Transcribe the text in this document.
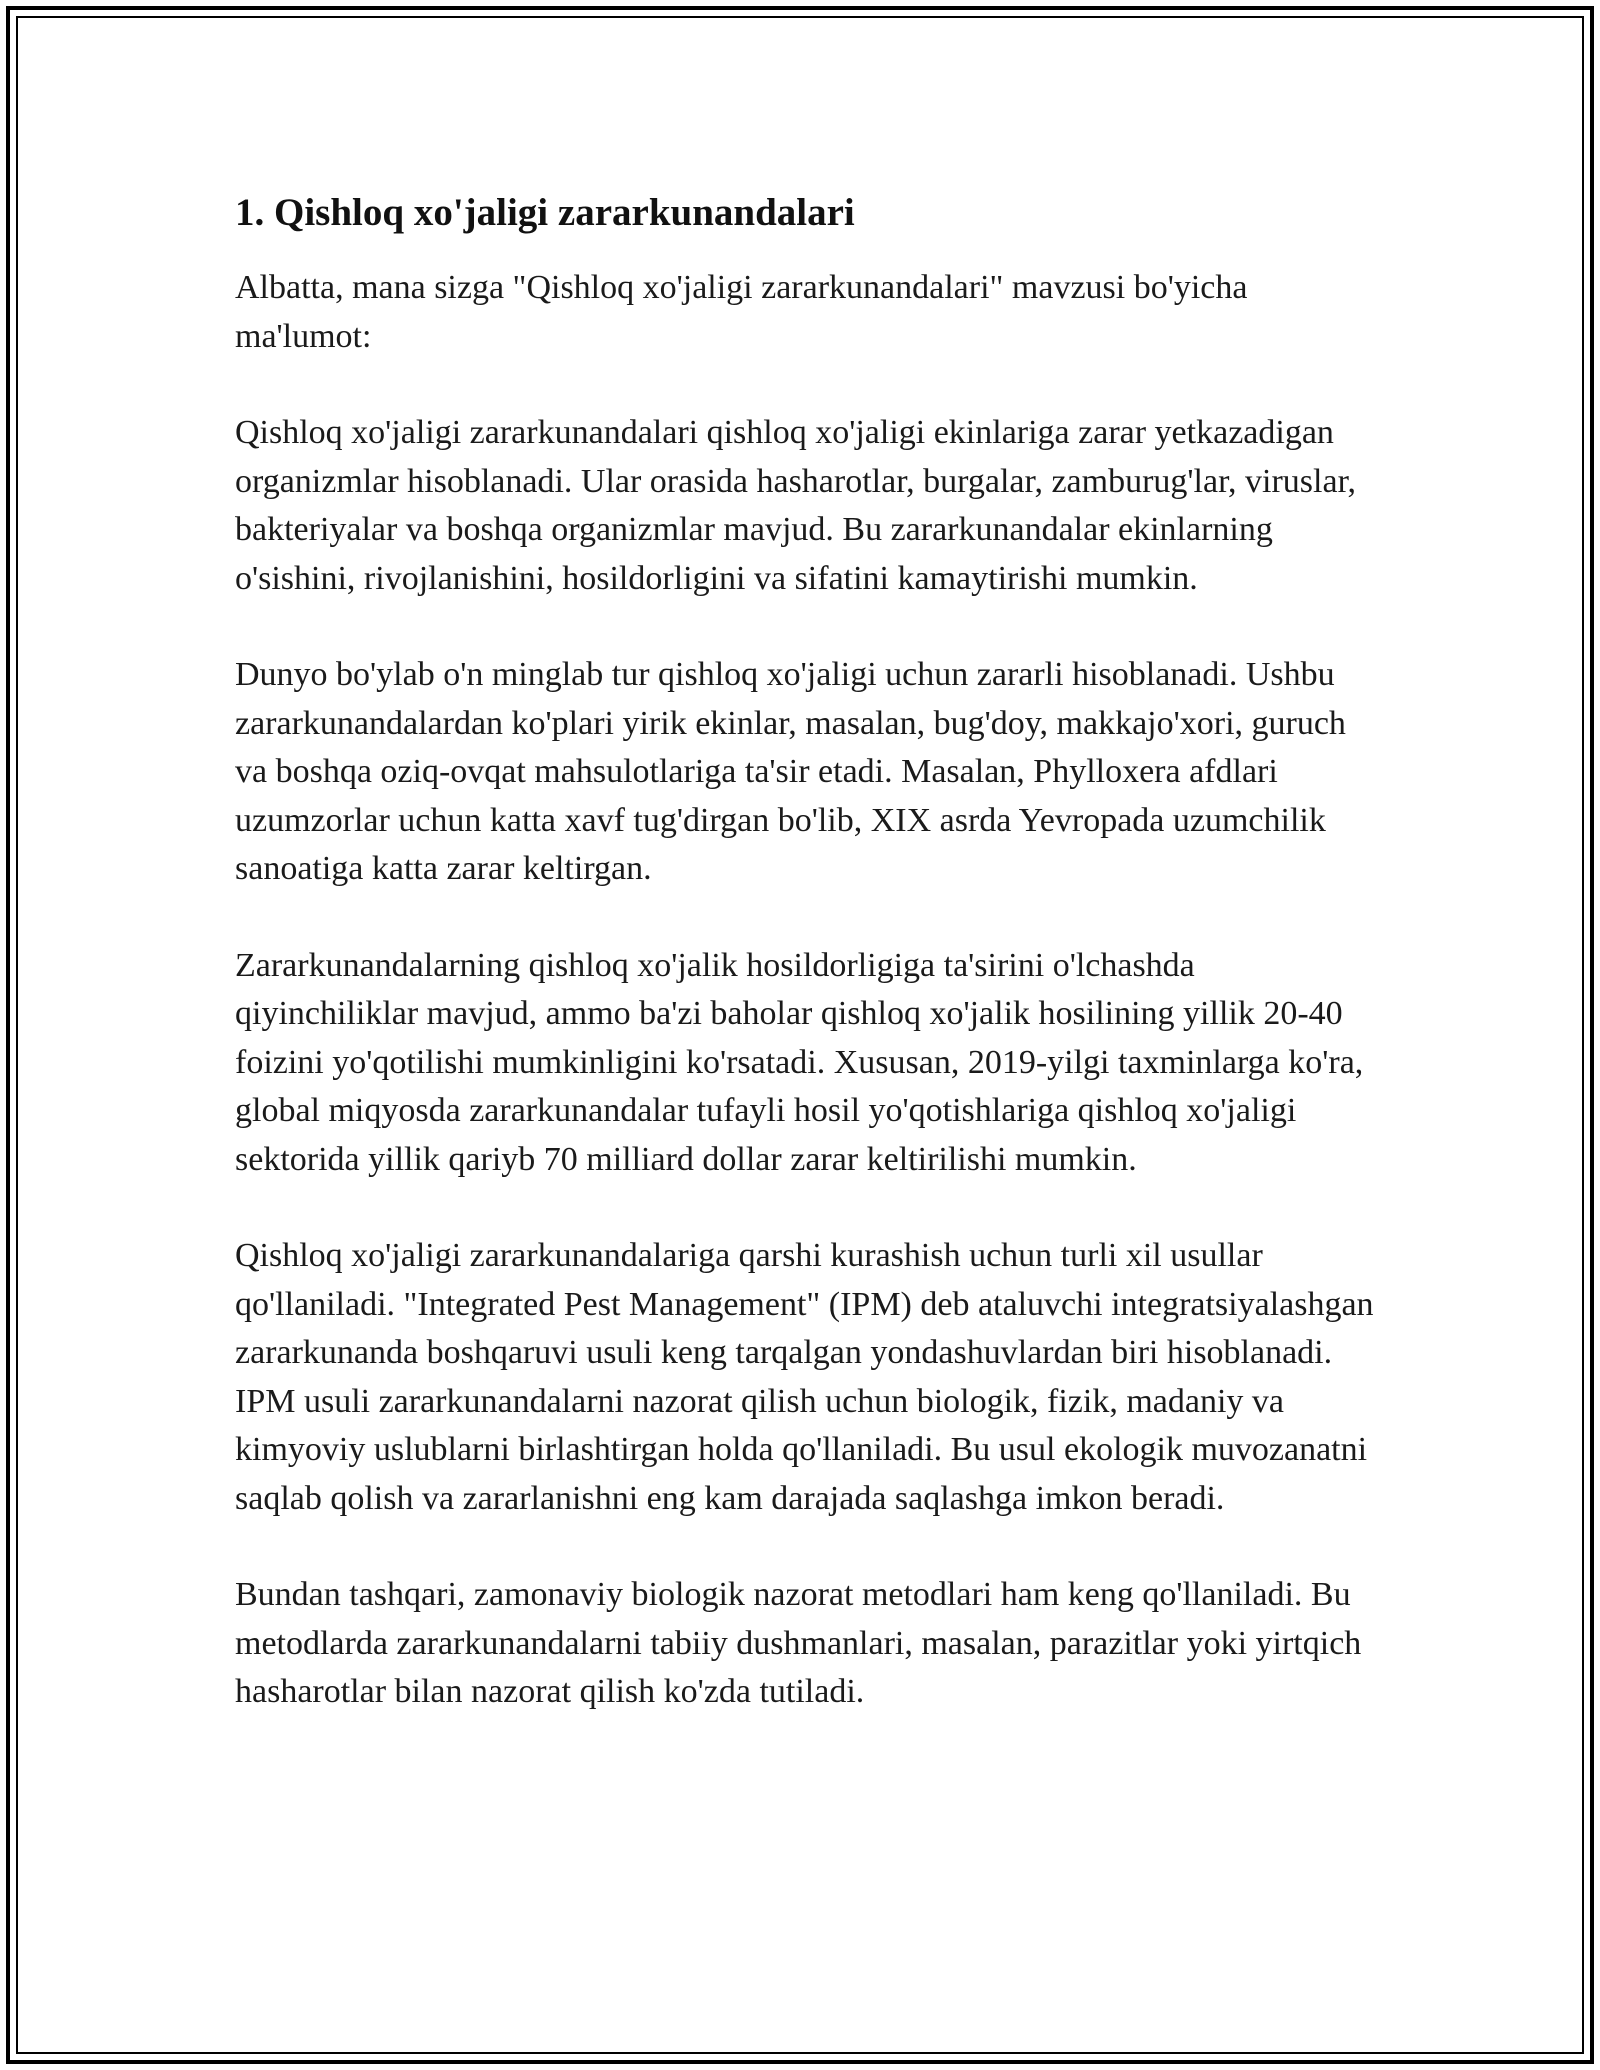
1. Qishloq xo'jaligi zararkunandalari

Albatta, mana sizga "Qishloq xo'jaligi zararkunandalari" mavzusi bo'yicha ma'lumot:

Qishloq xo'jaligi zararkunandalari qishloq xo'jaligi ekinlariga zarar yetkazadigan organizmlar hisoblanadi. Ular orasida hasharotlar, burgalar, zamburug'lar, viruslar, bakteriyalar va boshqa organizmlar mavjud. Bu zararkunandalar ekinlarning o'sishini, rivojlanishini, hosildorligini va sifatini kamaytirishi mumkin.

Dunyo bo'ylab o'n minglab tur qishloq xo'jaligi uchun zararli hisoblanadi. Ushbu zararkunandalardan ko'plari yirik ekinlar, masalan, bug'doy, makkajo'xori, guruch va boshqa oziq-ovqat mahsulotlariga ta'sir etadi. Masalan, Phylloxera afdlari uzumzorlar uchun katta xavf tug'dirgan bo'lib, XIX asrda Yevropada uzumchilik sanoatiga katta zarar keltirgan.

Zararkunandalarning qishloq xo'jalik hosildorligiga ta'sirini o'lchashda qiyinchiliklar mavjud, ammo ba'zi baholar qishloq xo'jalik hosilining yillik 20-40 foizini yo'qotilishi mumkinligini ko'rsatadi. Xususan, 2019-yilgi taxminlarga ko'ra, global miqyosda zararkunandalar tufayli hosil yo'qotishlariga qishloq xo'jaligi sektorida yillik qariyb 70 milliard dollar zarar keltirilishi mumkin.

Qishloq xo'jaligi zararkunandalariga qarshi kurashish uchun turli xil usullar qo'llaniladi. "Integrated Pest Management" (IPM) deb ataluvchi integratsiyalashgan zararkunanda boshqaruvi usuli keng tarqalgan yondashuvlardan biri hisoblanadi. IPM usuli zararkunandalarni nazorat qilish uchun biologik, fizik, madaniy va kimyoviy uslublarni birlashtirgan holda qo'llaniladi. Bu usul ekologik muvozanatni saqlab qolish va zararlanishni eng kam darajada saqlashga imkon beradi.

Bundan tashqari, zamonaviy biologik nazorat metodlari ham keng qo'llaniladi. Bu metodlarda zararkunandalarni tabiiy dushmanlari, masalan, parazitlar yoki yirtqich hasharotlar bilan nazorat qilish ko'zda tutiladi.
